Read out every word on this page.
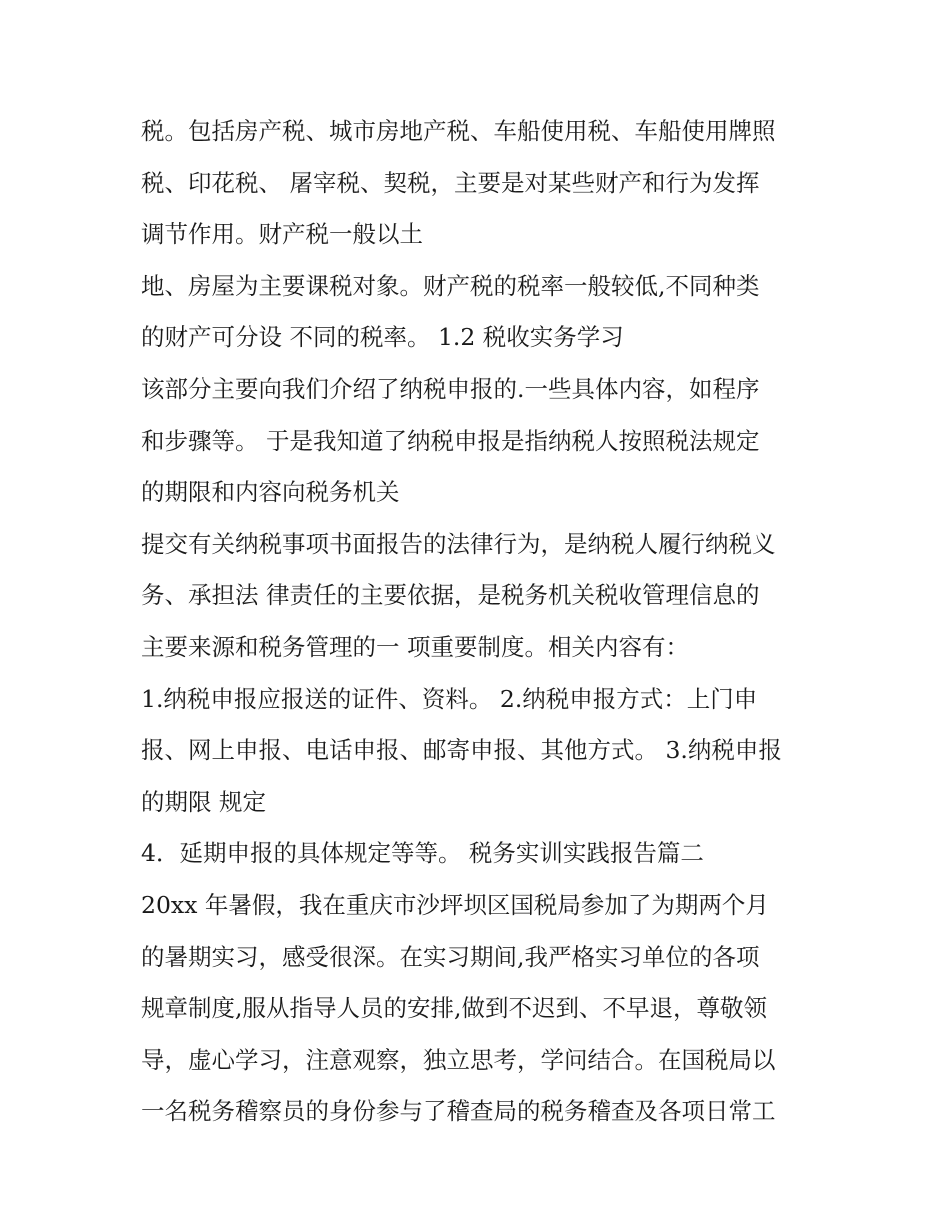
税。包括房产税、城市房地产税、车船使用税、车船使用牌照

税、印花税、 屠宰税、契税，主要是对某些财产和行为发挥

调节作用。财产税一般以土

地、房屋为主要课税对象。财产税的税率一般较低,不同种类

的财产可分设 不同的税率。 1.2 税收实务学习

该部分主要向我们介绍了纳税申报的.一些具体内容，如程序

和步骤等。 于是我知道了纳税申报是指纳税人按照税法规定

的期限和内容向税务机关

提交有关纳税事项书面报告的法律行为，是纳税人履行纳税义

务、承担法 律责任的主要依据，是税务机关税收管理信息的

主要来源和税务管理的一 项重要制度。相关内容有：

1.纳税申报应报送的证件、资料。 2.纳税申报方式：上门申

报、网上申报、电话申报、邮寄申报、其他方式。 3.纳税申报

的期限 规定

4．延期申报的具体规定等等。 税务实训实践报告篇二

20xx 年暑假，我在重庆市沙坪坝区国税局参加了为期两个月

的暑期实习，感受很深。在实习期间,我严格实习单位的各项

规章制度,服从指导人员的安排,做到不迟到、不早退，尊敬领

导，虚心学习，注意观察，独立思考，学问结合。在国税局以

一名税务稽察员的身份参与了稽查局的税务稽查及各项日常工
